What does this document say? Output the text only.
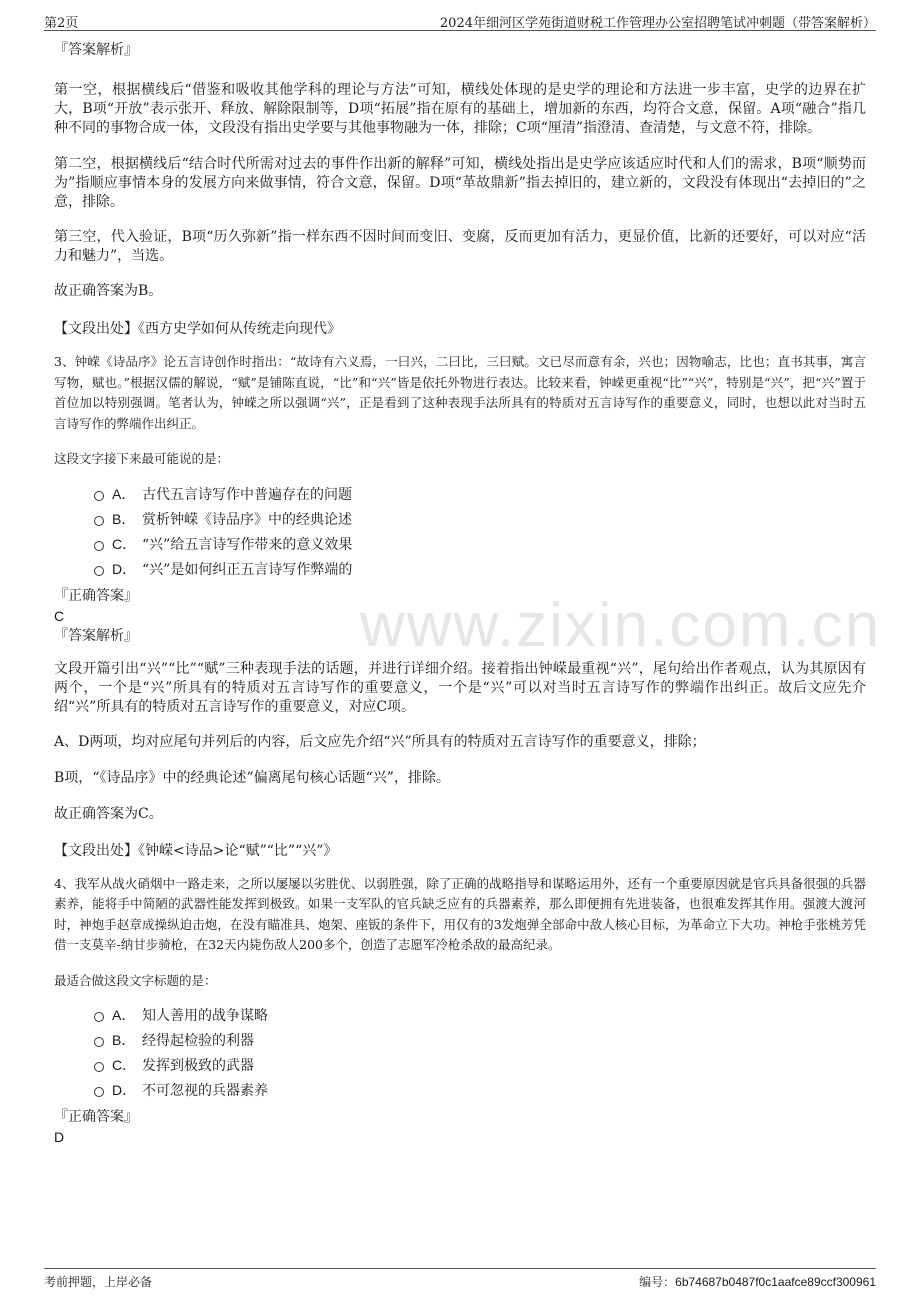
第2页	2024年细河区学苑街道财税工作管理办公室招聘笔试冲刺题（带答案解析）
www.zixin.com.cn

『答案解析』

第一空，根据横线后“借鉴和吸收其他学科的理论与方法”可知，横线处体现的是史学的理论和方法进一步丰富，史学的边界在扩大，B项“开放”表示张开、释放、解除限制等，D项“拓展”指在原有的基础上，增加新的东西，均符合文意，保留。A项“融合”指几种不同的事物合成一体，文段没有指出史学要与其他事物融为一体，排除；C项“厘清”指澄清、查清楚，与文意不符，排除。

第二空，根据横线后“结合时代所需对过去的事件作出新的解释”可知，横线处指出是史学应该适应时代和人们的需求，B项“顺势而为”指顺应事情本身的发展方向来做事情，符合文意，保留。D项“革故鼎新”指去掉旧的，建立新的，文段没有体现出“去掉旧的”之意，排除。

第三空，代入验证，B项“历久弥新”指一样东西不因时间而变旧、变腐，反而更加有活力，更显价值，比新的还要好，可以对应“活力和魅力”，当选。

故正确答案为B。

【文段出处】《西方史学如何从传统走向现代》

3、钟嵘《诗品序》论五言诗创作时指出：“故诗有六义焉，一曰兴，二曰比，三曰赋。文已尽而意有余，兴也；因物喻志，比也；直书其事，寓言写物，赋也。”根据汉儒的解说，“赋”是铺陈直说，“比”和“兴”皆是依托外物进行表达。比较来看，钟嵘更重视“比”“兴”，特别是“兴”，把“兴”置于首位加以特别强调。笔者认为，钟嵘之所以强调“兴”，正是看到了这种表现手法所具有的特质对五言诗写作的重要意义，同时，也想以此对当时五言诗写作的弊端作出纠正。

这段文字接下来最可能说的是：

A． 古代五言诗写作中普遍存在的问题
B． 赏析钟嵘《诗品序》中的经典论述
C． “兴”给五言诗写作带来的意义效果
D． “兴”是如何纠正五言诗写作弊端的

『正确答案』

C

『答案解析』

文段开篇引出“兴”“比”“赋”三种表现手法的话题，并进行详细介绍。接着指出钟嵘最重视“兴”，尾句给出作者观点，认为其原因有两个，一个是“兴”所具有的特质对五言诗写作的重要意义，一个是“兴”可以对当时五言诗写作的弊端作出纠正。故后文应先介绍“兴”所具有的特质对五言诗写作的重要意义，对应C项。

A、D两项，均对应尾句并列后的内容，后文应先介绍“兴”所具有的特质对五言诗写作的重要意义，排除；

B项，“《诗品序》中的经典论述”偏离尾句核心话题“兴”，排除。

故正确答案为C。

【文段出处】《钟嵘<诗品>论“赋”“比”“兴”》

4、我军从战火硝烟中一路走来，之所以屡屡以劣胜优、以弱胜强，除了正确的战略指导和谋略运用外，还有一个重要原因就是官兵具备很强的兵器素养，能将手中简陋的武器性能发挥到极致。如果一支军队的官兵缺乏应有的兵器素养，那么即便拥有先进装备，也很难发挥其作用。强渡大渡河时，神炮手赵章成操纵迫击炮，在没有瞄准具、炮架、座钣的条件下，用仅有的3发炮弹全部命中敌人核心目标，为革命立下大功。神枪手张桃芳凭借一支莫辛-纳甘步骑枪，在32天内毙伤敌人200多个，创造了志愿军冷枪杀敌的最高纪录。

最适合做这段文字标题的是：

A． 知人善用的战争谋略
B． 经得起检验的利器
C． 发挥到极致的武器
D． 不可忽视的兵器素养

『正确答案』

D

考前押题，上岸必备	编号：6b74687b0487f0c1aafce89ccf300961
